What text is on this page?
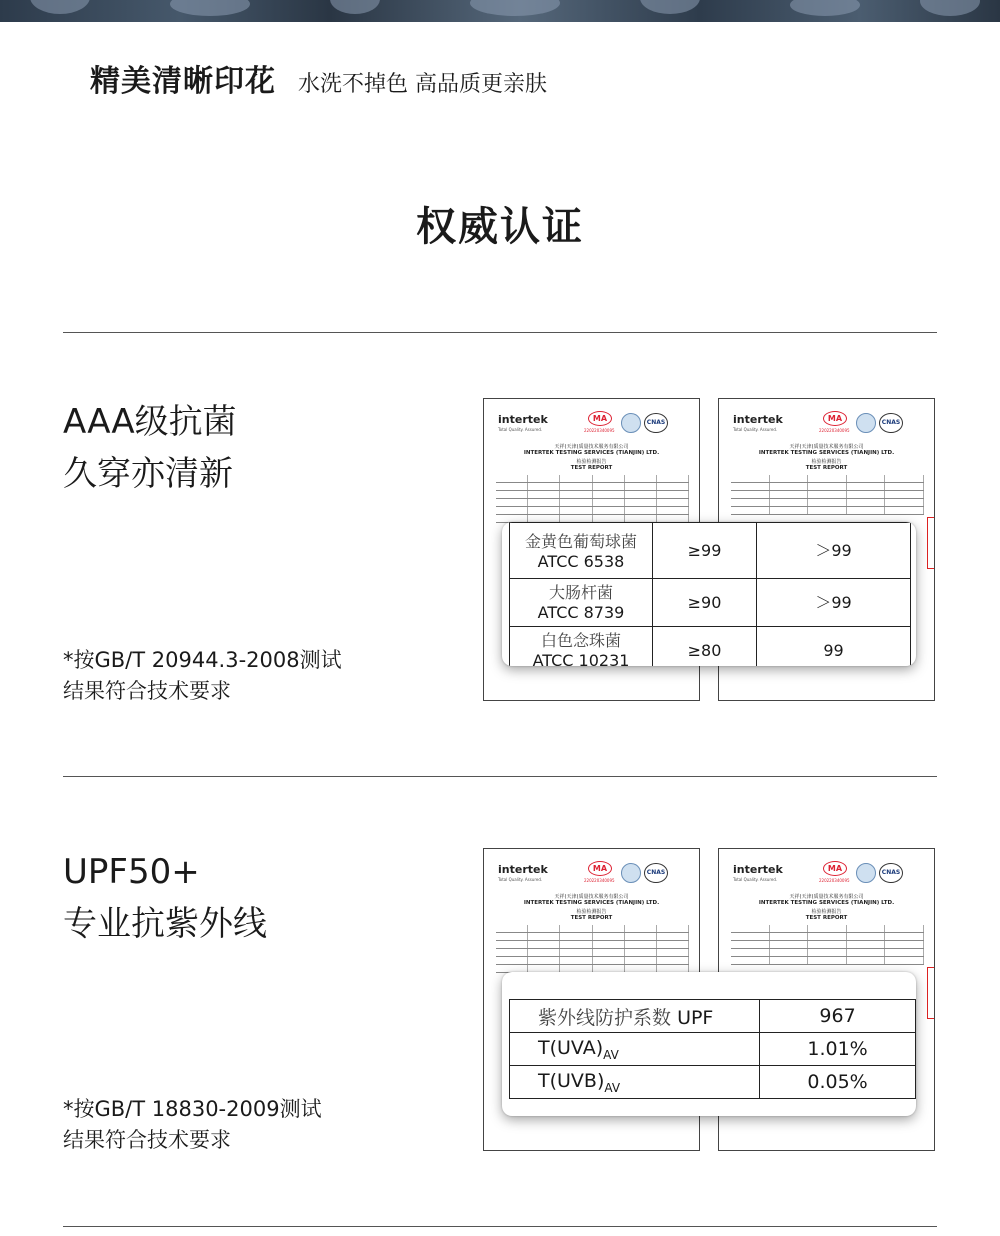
精美清晰印花 水洗不掉色 高品质更亲肤
权威认证
AAA级抗菌
久穿亦清新
*按GB/T 20944.3-2008测试
结果符合技术要求
intertek
Total Quality. Assured.
MA
220220340095
CNAS
天祥(天津)质量技术服务有限公司
INTERTEK TESTING SERVICES (TIANJIN) LTD.
检验检测报告
TEST REPORT
intertek
Total Quality. Assured.
MA
220220340095
CNAS
天祥(天津)质量技术服务有限公司
INTERTEK TESTING SERVICES (TIANJIN) LTD.
检验检测报告
TEST REPORT
金黄色葡萄球菌
ATCC 6538	≥99	＞99

大肠杆菌
ATCC 8739	≥90	＞99

白色念珠菌
ATCC 10231	≥80	99
UPF50+
专业抗紫外线
*按GB/T 18830-2009测试
结果符合技术要求
intertek
Total Quality. Assured.
MA
220220340095
CNAS
天祥(天津)质量技术服务有限公司
INTERTEK TESTING SERVICES (TIANJIN) LTD.
检验检测报告
TEST REPORT
intertek
Total Quality. Assured.
MA
220220340095
CNAS
天祥(天津)质量技术服务有限公司
INTERTEK TESTING SERVICES (TIANJIN) LTD.
检验检测报告
TEST REPORT
紫外线防护系数 UPF	967
$T(UVA)_{AV}$	1.01%
$T(UVB)_{AV}$	0.05%
